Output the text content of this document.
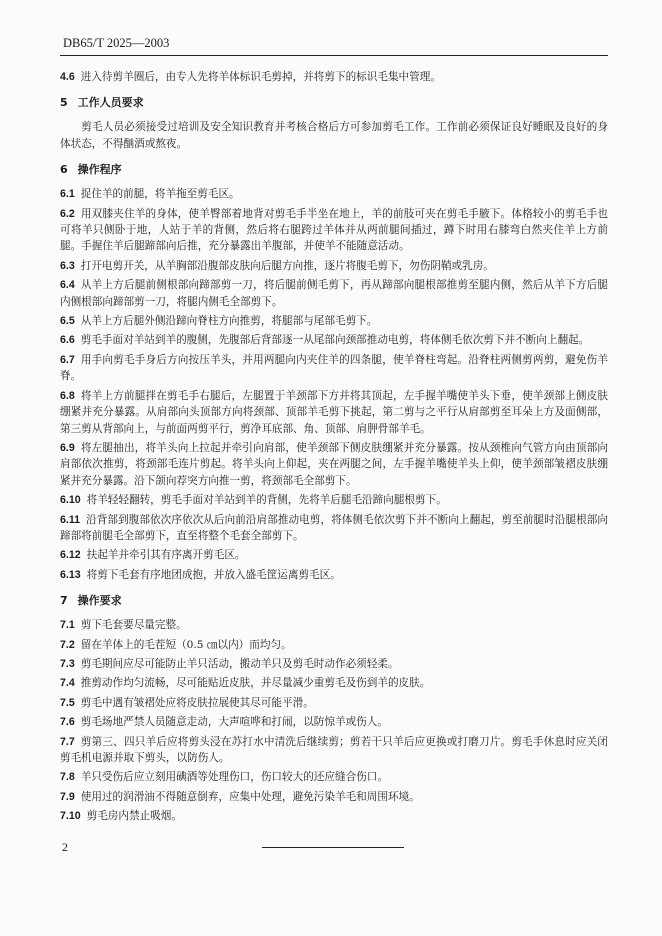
DB65/T 2025—2003

4.6 进入待剪羊圈后，由专人先将羊体标识毛剪掉，并将剪下的标识毛集中管理。

5 工作人员要求

剪毛人员必须接受过培训及安全知识教育并考核合格后方可参加剪毛工作。工作前必须保证良好睡眠及良好的身体状态，不得酗酒或熬夜。

6 操作程序

6.1 捉住羊的前腿，将羊拖至剪毛区。

6.2 用双膝夹住羊的身体，使羊臀部着地背对剪毛手半坐在地上，羊的前肢可夹在剪毛手腋下。体格较小的剪毛手也可将羊只侧卧于地，人站于羊的背侧，然后将右腿跨过羊体并从两前腿间插过，蹲下时用右膝弯白然夹住羊上方前腿。手握住羊后腿蹄部向后推，充分暴露出羊腹部，并使羊不能随意活动。

6.3 打开电剪开关，从羊胸部沿腹部皮肤向后腿方向推，逐片将腹毛剪下，勿伤阴鞘或乳房。

6.4 从羊上方后腿前侧根部向蹄部剪一刀，将后腿前侧毛剪下，再从蹄部向腿根部推剪至腿内侧，然后从羊下方后腿内侧根部向蹄部剪一刀，将腿内侧毛全部剪下。

6.5 从羊上方后腿外侧沿蹄向脊柱方向推剪，将腿部与尾部毛剪下。

6.6 剪毛手面对羊站到羊的腹侧，先腹部后背部逐一从尾部向颈部推动电剪，将体侧毛依次剪下并不断向上翻起。

6.7 用手向剪毛手身后方向按压羊头，并用两腿向内夹住羊的四条腿，使羊脊柱弯起。沿脊柱两侧剪两剪，避免伤羊脊。

6.8 将羊上方前腿拌在剪毛手右腿后，左腿置于羊颈部下方并将其顶起，左手握羊嘴使羊头下垂，使羊颈部上侧皮肤绷紧并充分暴露。从肩部向头顶部方向将颈部、顶部羊毛剪下挑起，第二剪与之平行从肩部剪至耳朵上方及面侧部，第三剪从背部向上，与前面两剪平行，剪净耳底部、角、顶部、肩胛骨部羊毛。

6.9 将左腿抽出，将羊头向上拉起并牵引向肩部，使羊颈部下侧皮肤绷紧并充分暴露。按从颈椎向气管方向由顶部向肩部依次推剪，将颈部毛连片剪起。将羊头向上仰起，夹在两腿之间，左手握羊嘴使羊头上仰，使羊颈部皱褶皮肤绷紧并充分暴露。沿下颌向荐突方向推一剪，将颈部毛全部剪下。

6.10 将羊轻轻翻转，剪毛手面对羊站到羊的背侧，先将羊后腿毛沿蹄向腿根剪下。

6.11 沿背部到腹部依次序依次从后向前沿肩部推动电剪，将体侧毛依次剪下并不断向上翻起，剪至前腿时沿腿根部向蹄部将前腿毛全部剪下，直至将整个毛套全部剪下。

6.12 扶起羊并牵引其有序离开剪毛区。

6.13 将剪下毛套有序地团成抱，并放入盛毛筐运离剪毛区。

7 操作要求

7.1 剪下毛套要尽量完整。

7.2 留在羊体上的毛茬短（0.5 ㎝以内）而均匀。

7.3 剪毛期间应尽可能防止羊只活动，搬动羊只及剪毛时动作必须轻柔。

7.4 推剪动作均匀流畅，尽可能贴近皮肤，并尽量减少重剪毛及伤到羊的皮肤。

7.5 剪毛中遇有皱褶处应将皮肤拉展使其尽可能平滑。

7.6 剪毛场地严禁人员随意走动，大声喧哗和打闹，以防惊羊或伤人。

7.7 剪第三、四只羊后应将剪头浸在苏打水中清洗后继续剪；剪若干只羊后应更换或打磨刀片。剪毛手休息时应关闭剪毛机电源并取下剪头，以防伤人。

7.8 羊只受伤后应立刻用碘酒等处理伤口，伤口较大的还应缝合伤口。

7.9 使用过的润滑油不得随意倒弃，应集中处理，避免污染羊毛和周围环境。

7.10 剪毛房内禁止吸烟。

2
